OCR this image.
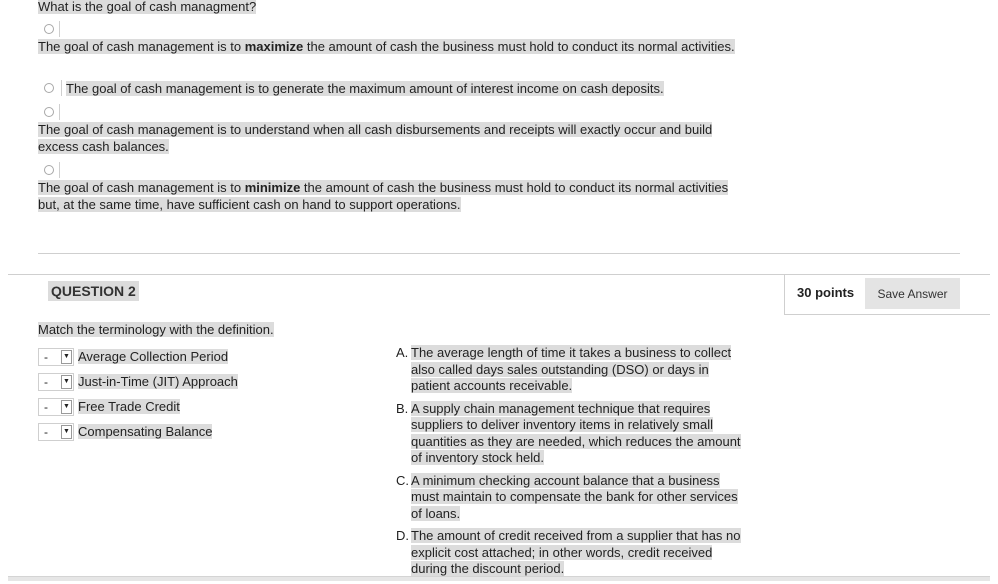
What is the goal of cash managment?
The goal of cash management is to maximize the amount of cash the business must hold to conduct its normal activities.
The goal of cash management is to generate the maximum amount of interest income on cash deposits.
The goal of cash management is to understand when all cash disbursements and receipts will exactly occur and build excess cash balances.
The goal of cash management is to minimize the amount of cash the business must hold to conduct its normal activities but, at the same time, have sufficient cash on hand to support operations.
QUESTION 2	30 points	Save Answer
Match the terminology with the definition.
-	▼ Average Collection Period
-	▼ Just-in-Time (JIT) Approach
-	▼ Free Trade Credit
-	▼ Compensating Balance
A. The average length of time it takes a business to collect also called days sales outstanding (DSO) or days in patient accounts receivable.
B. A supply chain management technique that requires suppliers to deliver inventory items in relatively small quantities as they are needed, which reduces the amount of inventory stock held.
C. A minimum checking account balance that a business must maintain to compensate the bank for other services of loans.
D. The amount of credit received from a supplier that has no explicit cost attached; in other words, credit received during the discount period.
